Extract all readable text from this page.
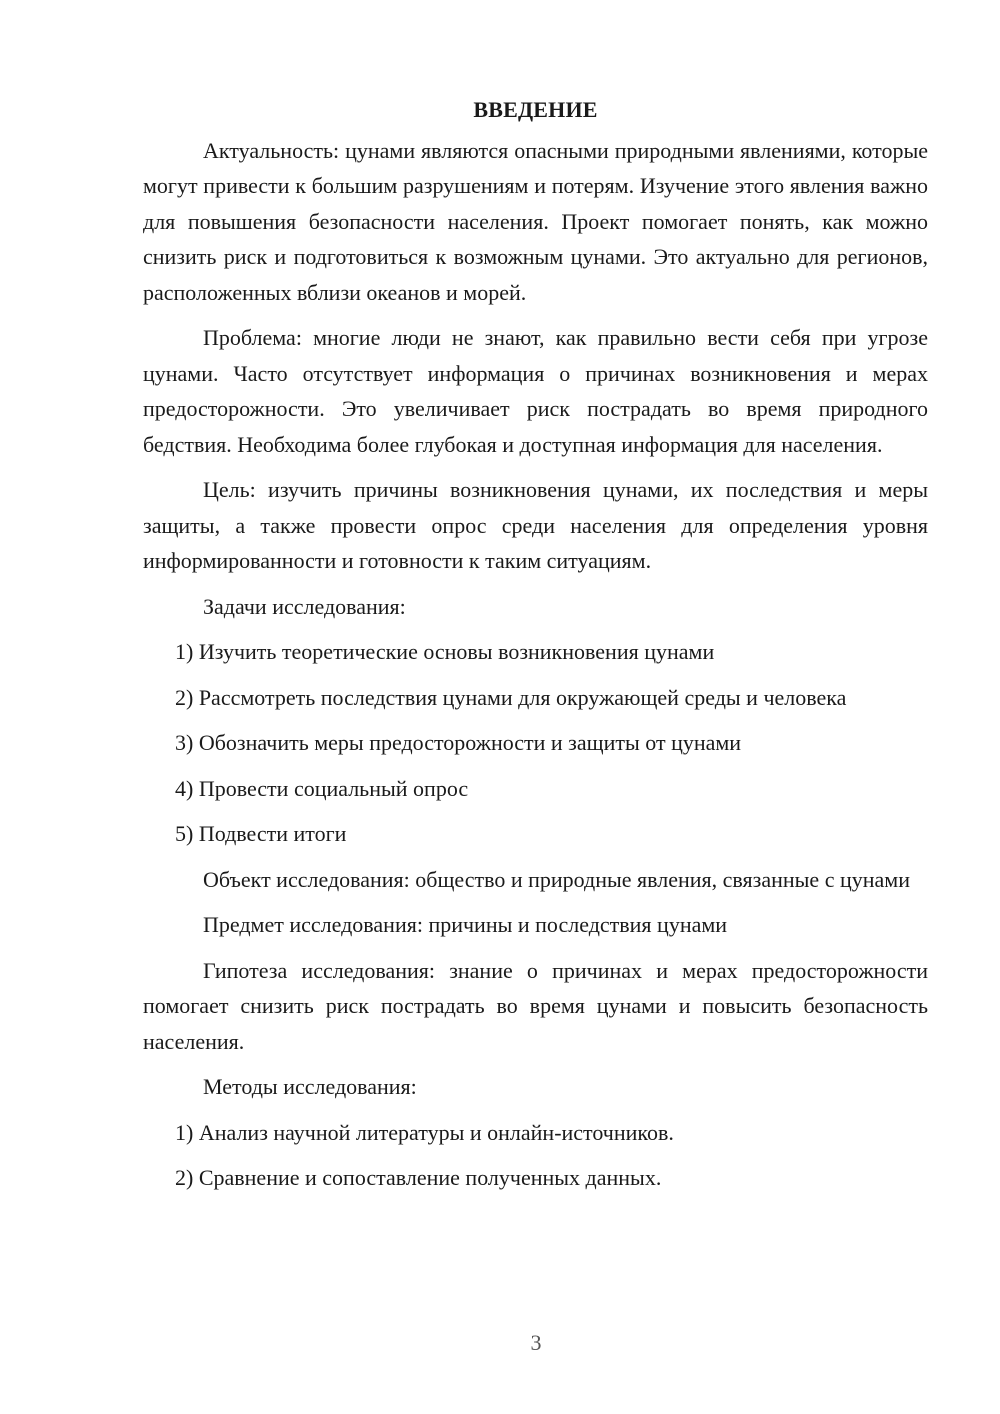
ВВЕДЕНИЕ
Актуальность: цунами являются опасными природными явлениями, которые могут привести к большим разрушениям и потерям. Изучение этого явления важно для повышения безопасности населения. Проект помогает понять, как можно снизить риск и подготовиться к возможным цунами. Это актуально для регионов, расположенных вблизи океанов и морей.
Проблема: многие люди не знают, как правильно вести себя при угрозе цунами. Часто отсутствует информация о причинах возникновения и мерах предосторожности. Это увеличивает риск пострадать во время природного бедствия. Необходима более глубокая и доступная информация для населения.
Цель: изучить причины возникновения цунами, их последствия и меры защиты, а также провести опрос среди населения для определения уровня информированности и готовности к таким ситуациям.
Задачи исследования:
1) Изучить теоретические основы возникновения цунами
2) Рассмотреть последствия цунами для окружающей среды и человека
3) Обозначить меры предосторожности и защиты от цунами
4) Провести социальный опрос
5) Подвести итоги
Объект исследования: общество и природные явления, связанные с цунами
Предмет исследования: причины и последствия цунами
Гипотеза исследования: знание о причинах и мерах предосторожности помогает снизить риск пострадать во время цунами и повысить безопасность населения.
Методы исследования:
1) Анализ научной литературы и онлайн-источников.
2) Сравнение и сопоставление полученных данных.
3
